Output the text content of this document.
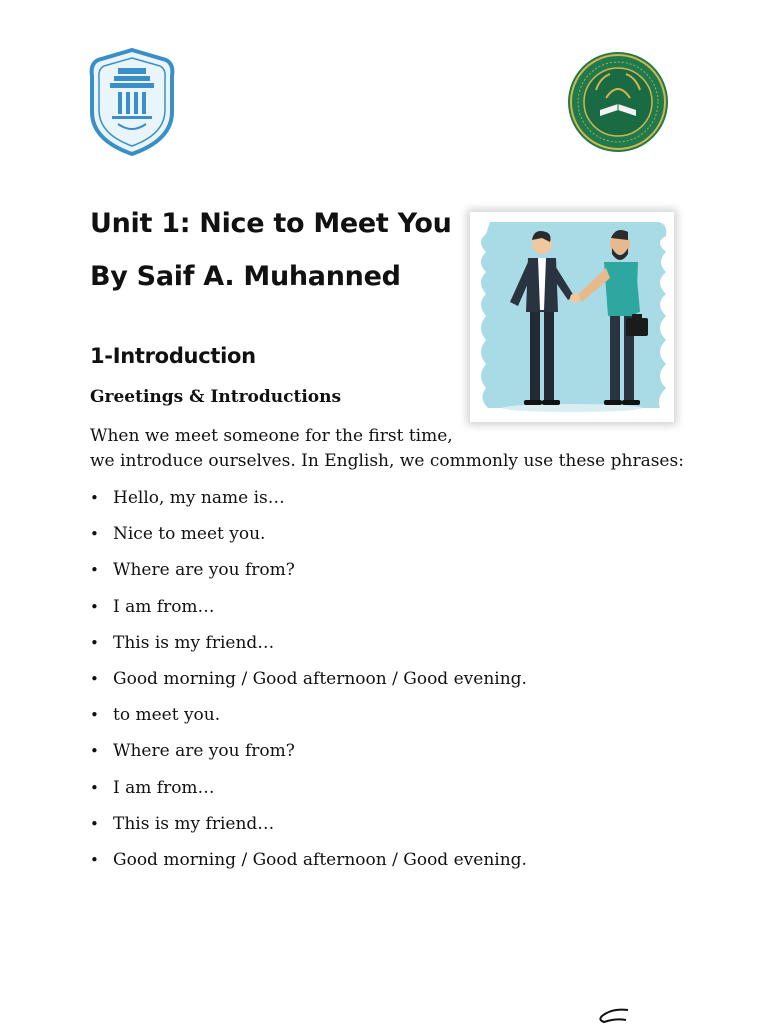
Unit 1: Nice to Meet You
By Saif A. Muhanned
1-Introduction
Greetings & Introductions

When we meet someone for the first time,
we introduce ourselves. In English, we commonly use these phrases:

• Hello, my name is…
• Nice to meet you.
• Where are you from?
• I am from…
• This is my friend…
• Good morning / Good afternoon / Good evening.
• to meet you.
• Where are you from?
• I am from…
• This is my friend…
• Good morning / Good afternoon / Good evening.
